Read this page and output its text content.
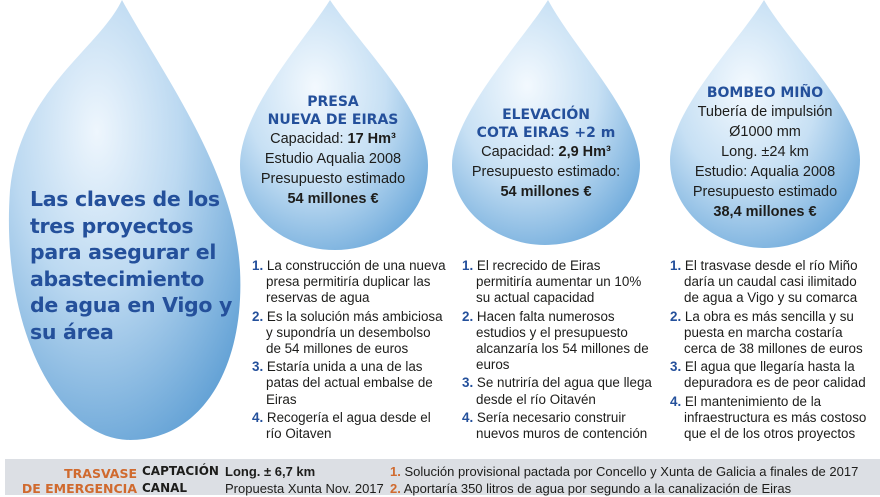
Las claves de los tres proyectos para asegurar el abastecimiento de agua en Vigo y su área
PRESA
NUEVA DE EIRAS

Capacidad: 17 Hm³

Estudio Aqualia 2008

Presupuesto estimado

54 millones €

ELEVACIÓN
COTA EIRAS +2 m

Capacidad: 2,9 Hm³

Presupuesto estimado:

54 millones €

BOMBEO MIÑO

Tubería de impulsión

Ø1000 mm

Long. ±24 km

Estudio: Aqualia 2008

Presupuesto estimado

38,4 millones €

1. La construcción de una nueva presa permitiría duplicar las reservas de agua
2. Es la solución más ambiciosa y supondría un desembolso de 54 millones de euros
3. Estaría unida a una de las patas del actual embalse de Eiras
4. Recogería el agua desde el río Oitaven
1. El recrecido de Eiras permitiría aumentar un 10% su actual capacidad
2. Hacen falta numerosos estudios y el presupuesto alcanzaría los 54 millones de euros
3. Se nutriría del agua que llega desde el río Oitavén
4. Sería necesario construir nuevos muros de contención
1. El trasvase desde el río Miño daría un caudal casi ilimitado de agua a Vigo y su comarca
2. La obra es más sencilla y su puesta en marcha costaría cerca de 38 millones de euros
3. El agua que llegaría hasta la depuradora es de peor calidad
4. El mantenimiento de la infraestructura es más costoso que el de los otros proyectos
TRASVASE
DE EMERGENCIA
CAPTACIÓN
CANAL
Long. ± 6,7 km
Propuesta Xunta Nov. 2017
1. Solución provisional pactada por Concello y Xunta de Galicia a finales de 2017
2. Aportaría 350 litros de agua por segundo a la canalización de Eiras
